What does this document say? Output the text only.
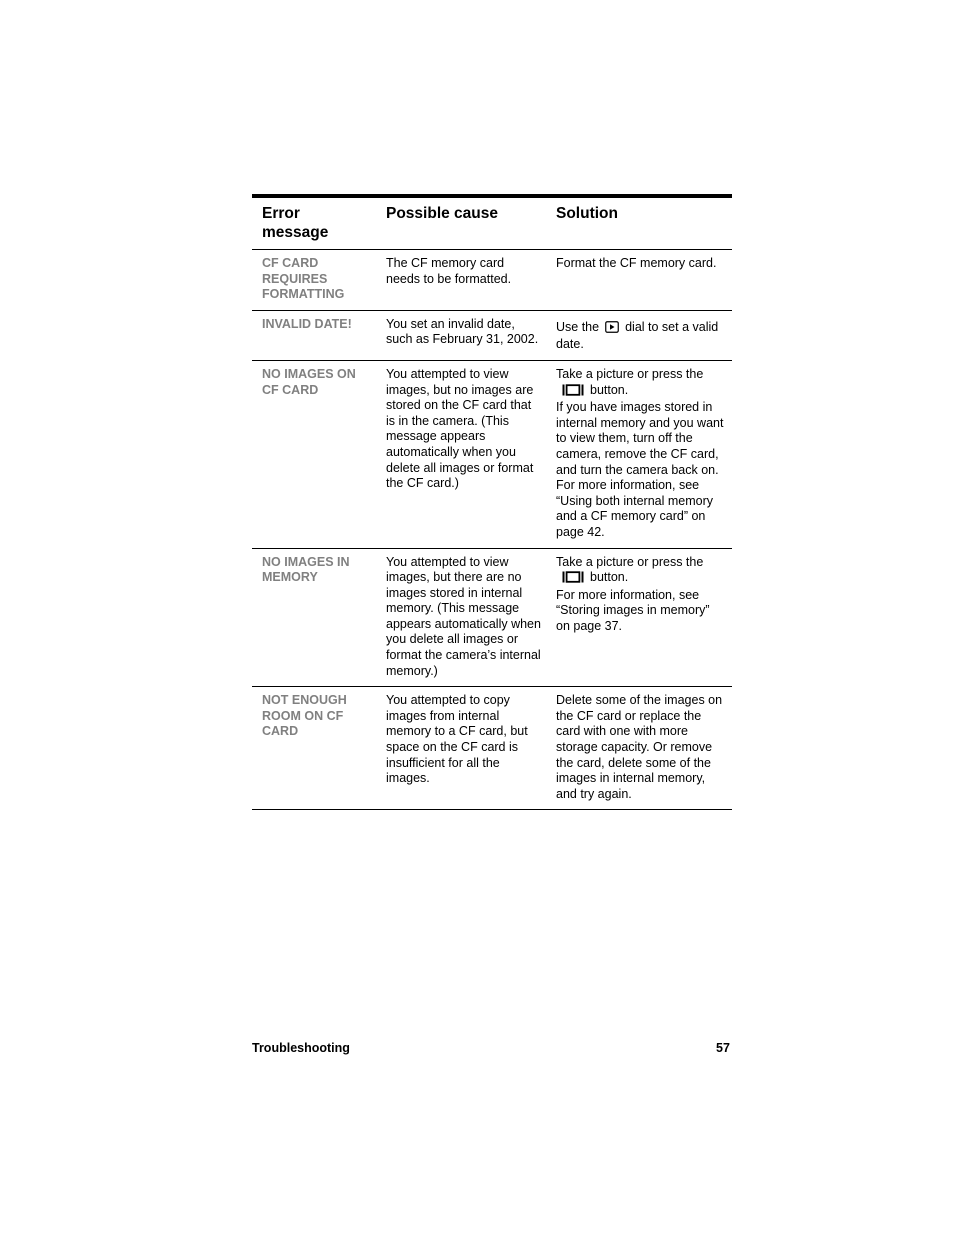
Error message	Possible cause	Solution
CF CARD REQUIRES FORMATTING	The CF memory card needs to be formatted.	Format the CF memory card.
INVALID DATE!	You set an invalid date, such as February 31, 2002.	Use the dial to set a valid date.
NO IMAGES ON CF CARD	You attempted to view images, but no images are stored on the CF card that is in the camera. (This message appears automatically when you delete all images or format the CF card.)	Take a picture or press the
button.
If you have images stored in internal memory and you want to view them, turn off the camera, remove the CF card, and turn the camera back on. For more information, see “Using both internal memory and a CF memory card” on page 42.
NO IMAGES IN MEMORY	You attempted to view images, but there are no images stored in internal memory. (This message appears automatically when you delete all images or format the camera’s internal memory.)	Take a picture or press the
button.
For more information, see “Storing images in memory” on page 37.
NOT ENOUGH ROOM ON CF CARD	You attempted to copy images from internal memory to a CF card, but space on the CF card is insufficient for all the images.	Delete some of the images on the CF card or replace the card with one with more storage capacity. Or remove the card, delete some of the images in internal memory, and try again.
Troubleshooting	57
